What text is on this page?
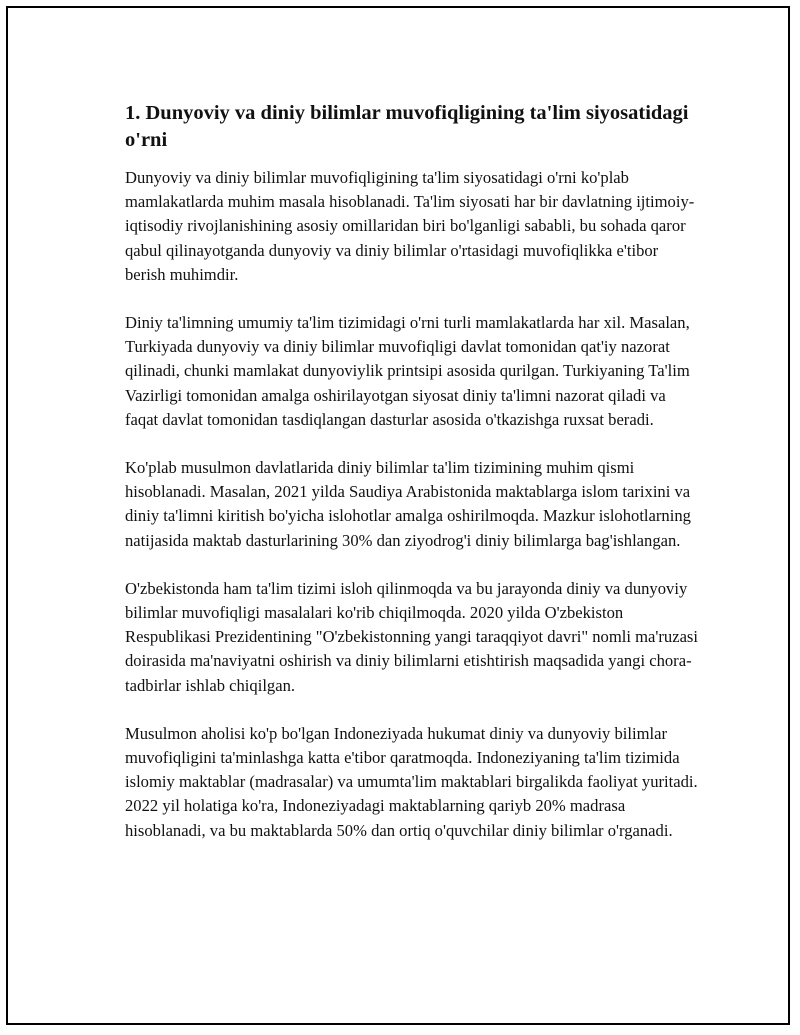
1. Dunyoviy va diniy bilimlar muvofiqligining ta'lim siyosatidagi o'rni

Dunyoviy va diniy bilimlar muvofiqligining ta'lim siyosatidagi o'rni ko'plab mamlakatlarda muhim masala hisoblanadi. Ta'lim siyosati har bir davlatning ijtimoiy-iqtisodiy rivojlanishining asosiy omillaridan biri bo'lganligi sababli, bu sohada qaror qabul qilinayotganda dunyoviy va diniy bilimlar o'rtasidagi muvofiqlikka e'tibor berish muhimdir.

Diniy ta'limning umumiy ta'lim tizimidagi o'rni turli mamlakatlarda har xil. Masalan, Turkiyada dunyoviy va diniy bilimlar muvofiqligi davlat tomonidan qat'iy nazorat qilinadi, chunki mamlakat dunyoviylik printsipi asosida qurilgan. Turkiyaning Ta'lim Vazirligi tomonidan amalga oshirilayotgan siyosat diniy ta'limni nazorat qiladi va faqat davlat tomonidan tasdiqlangan dasturlar asosida o'tkazishga ruxsat beradi.

Ko'plab musulmon davlatlarida diniy bilimlar ta'lim tizimining muhim qismi hisoblanadi. Masalan, 2021 yilda Saudiya Arabistonida maktablarga islom tarixini va diniy ta'limni kiritish bo'yicha islohotlar amalga oshirilmoqda. Mazkur islohotlarning natijasida maktab dasturlarining 30% dan ziyodrog'i diniy bilimlarga bag'ishlangan.

O'zbekistonda ham ta'lim tizimi isloh qilinmoqda va bu jarayonda diniy va dunyoviy bilimlar muvofiqligi masalalari ko'rib chiqilmoqda. 2020 yilda O'zbekiston Respublikasi Prezidentining "O'zbekistonning yangi taraqqiyot davri" nomli ma'ruzasi doirasida ma'naviyatni oshirish va diniy bilimlarni etishtirish maqsadida yangi chora-tadbirlar ishlab chiqilgan.

Musulmon aholisi ko'p bo'lgan Indoneziyada hukumat diniy va dunyoviy bilimlar muvofiqligini ta'minlashga katta e'tibor qaratmoqda. Indoneziyaning ta'lim tizimida islomiy maktablar (madrasalar) va umumta'lim maktablari birgalikda faoliyat yuritadi. 2022 yil holatiga ko'ra, Indoneziyadagi maktablarning qariyb 20% madrasa hisoblanadi, va bu maktablarda 50% dan ortiq o'quvchilar diniy bilimlar o'rganadi.
